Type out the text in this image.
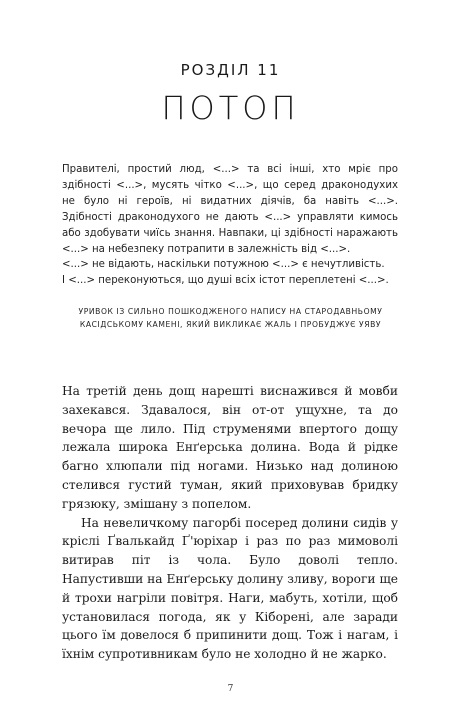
РОЗДІЛ 11
ПОТОП

Правителі, простий люд, <...> та всі інші, хто мріє про здібності <...>, мусять чітко <...>, що серед драконодухих не було ні героїв, ні видатних діячів, ба навіть <...>. Здібності драконодухого не дають <...> управляти кимось або здобувати чиїсь знання. Навпаки, ці здібності наражають <...> на небезпеку потрапити в залежність від <...>.

<...> не відають, наскільки потужною <...> є нечутливість.

І <...> переконуються, що душі всіх істот переплетені <...>.

УРИВОК ІЗ СИЛЬНО ПОШКОДЖЕНОГО НАПИСУ НА СТАРОДАВНЬОМУ КАСІДСЬКОМУ КАМЕНІ, ЯКИЙ ВИКЛИКАЄ ЖАЛЬ І ПРОБУДЖУЄ УЯВУ

На третій день дощ нарешті виснажився й мовби захекався. Здавалося, він от-от ущухне, та до вечора ще лило. Під струменями впертого дощу лежала широка Енґерська долина. Вода й рідке багно хлюпали під ногами. Низько над долиною стелився густий туман, який приховував бридку грязюку, змішану з попелом.

На невеличкому пагорбі посеред долини сидів у кріслі Ґвалькайд Ґ'юріхар і раз по раз мимоволі витирав піт із чола. Було доволі тепло. Напустивши на Енґерську долину зливу, вороги ще й трохи нагріли повітря. Наги, мабуть, хотіли, щоб установилася погода, як у Кіборені, але заради цього їм довелося б припинити дощ. Тож і нагам, і їхнім супротивникам було не холодно й не жарко.

7
